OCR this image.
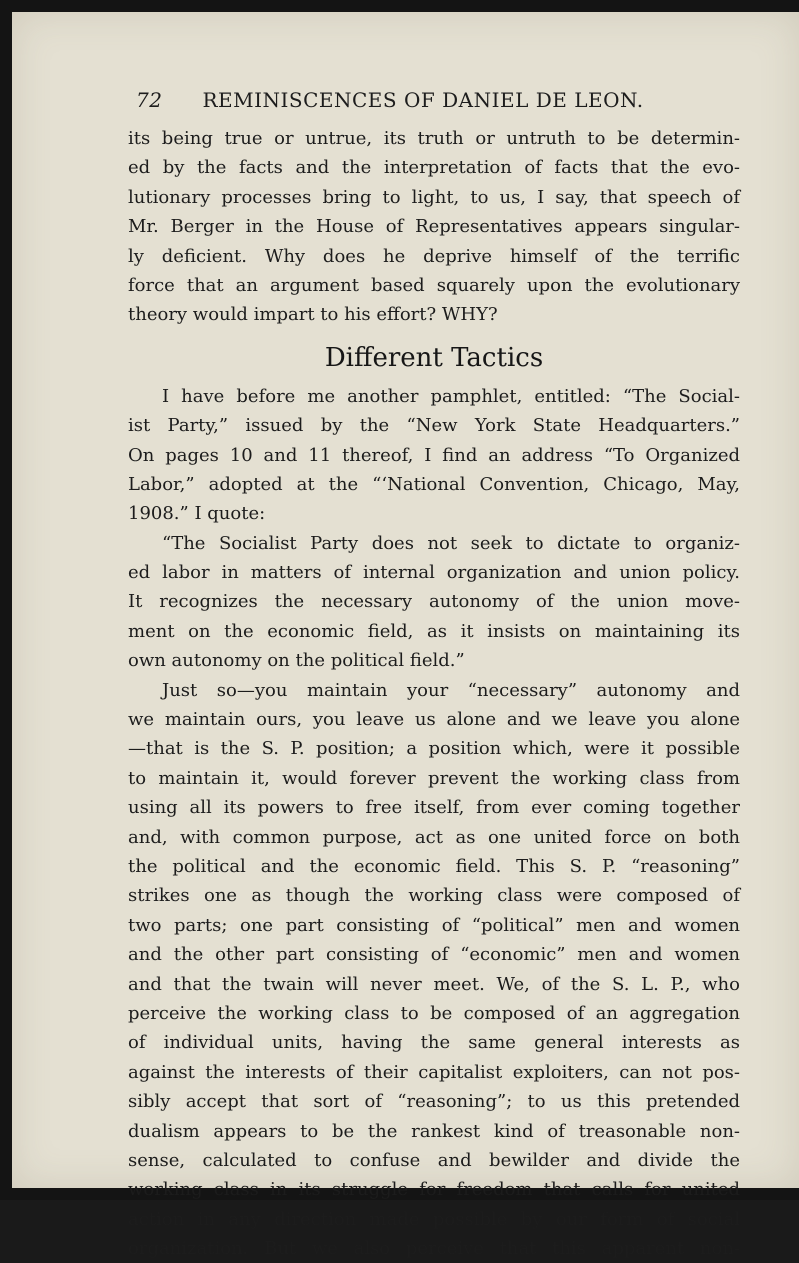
72 REMINISCENCES OF DANIEL DE LEON.
its being true or untrue, its truth or untruth to be determin-
ed by the facts and the interpretation of facts that the evo-
lutionary processes bring to light, to us, I say, that speech of
Mr. Berger in the House of Representatives appears singular-
ly deficient. Why does he deprive himself of the terrific
force that an argument based squarely upon the evolutionary
theory would impart to his effort? WHY?
Different Tactics
I have before me another pamphlet, entitled: “The Social-
ist Party,” issued by the “New York State Headquarters.”
On pages 10 and 11 thereof, I find an address “To Organized
Labor,” adopted at the “‘National Convention, Chicago, May,
1908.” I quote:
“The Socialist Party does not seek to dictate to organiz-
ed labor in matters of internal organization and union policy.
It recognizes the necessary autonomy of the union move-
ment on the economic field, as it insists on maintaining its
own autonomy on the political field.”
Just so—you maintain your “necessary” autonomy and
we maintain ours, you leave us alone and we leave you alone
—that is the S. P. position; a position which, were it possible
to maintain it, would forever prevent the working class from
using all its powers to free itself, from ever coming together
and, with common purpose, act as one united force on both
the political and the economic field. This S. P. “reasoning”
strikes one as though the working class were composed of
two parts; one part consisting of “political” men and women
and the other part consisting of “economic” men and women
and that the twain will never meet. We, of the S. L. P., who
perceive the working class to be composed of an aggregation
of individual units, having the same general interests as
against the interests of their capitalist exploiters, can not pos-
sibly accept that sort of “reasoning”; to us this pretended
dualism appears to be the rankest kind of treasonable non-
sense, calculated to confuse and bewilder and divide the
working class in its struggle for freedom that calls for united
action in any direction made possible by our form of social
organization. But we also perceive that this apparent non-
